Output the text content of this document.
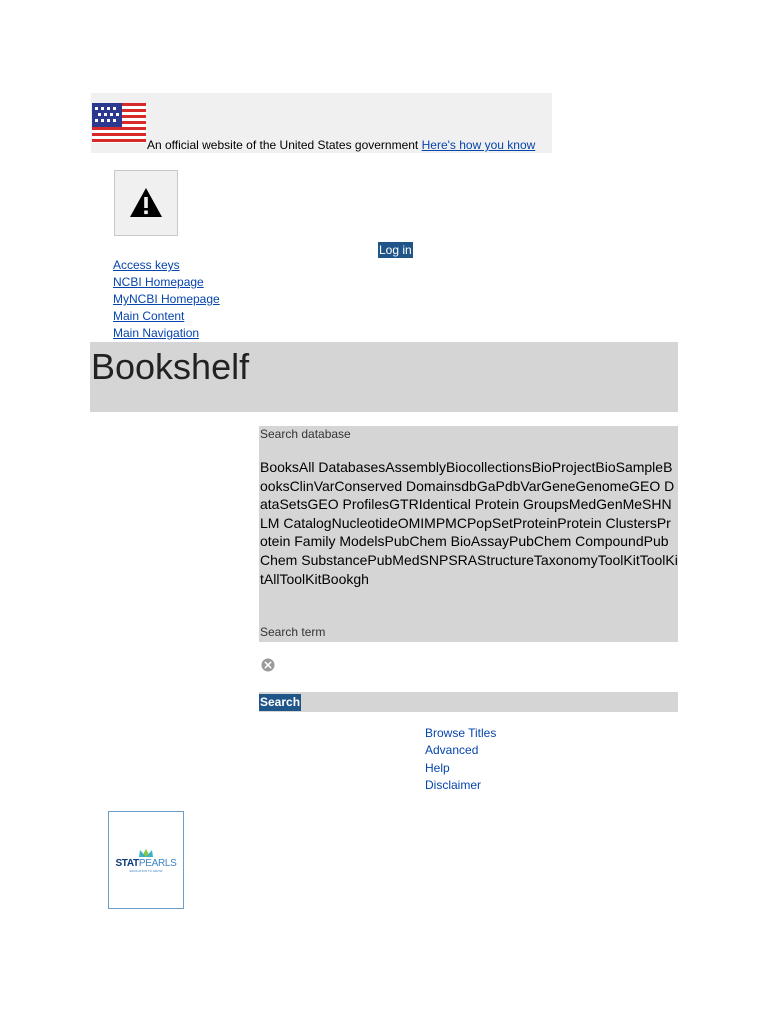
An official website of the United States government Here's how you know
Log in
Access keys
NCBI Homepage
MyNCBI Homepage
Main Content
Main Navigation
Bookshelf
Search database
BooksAll DatabasesAssemblyBiocollectionsBioProjectBioSampleBooksClinVarConserved DomainsdbGaPdbVarGeneGenomeGEO DataSetsGEO ProfilesGTRIdentical Protein GroupsMedGenMeSHNLM CatalogNucleotideOMIMPMCPopSetProteinProtein ClustersProtein Family ModelsPubChem BioAssayPubChem CompoundPubChem SubstancePubMedSNPSRAStructureTaxonomyToolKitToolKitAllToolKitBookgh
Search term
Search
Browse Titles
Advanced
Help
Disclaimer
STATPEARLS
EDUCATION TO GROW
